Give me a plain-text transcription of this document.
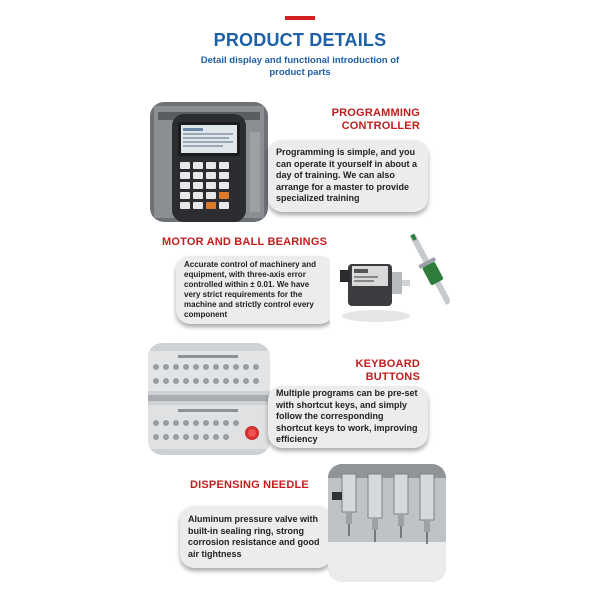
PRODUCT DETAILS
Detail display and functional introduction of product parts
PROGRAMMING CONTROLLER
Programming is simple, and you can operate it yourself in about a day of training. We can also arrange for a master to provide specialized training
MOTOR AND BALL BEARINGS
Accurate control of machinery and equipment, with three-axis error controlled within ± 0.01. We have very strict requirements for the machine and strictly control every component
KEYBOARD BUTTONS
Multiple programs can be pre-set with shortcut keys, and simply follow the corresponding shortcut keys to work, improving efficiency
DISPENSING NEEDLE
Aluminum pressure valve with built-in sealing ring, strong corrosion resistance and good air tightness
